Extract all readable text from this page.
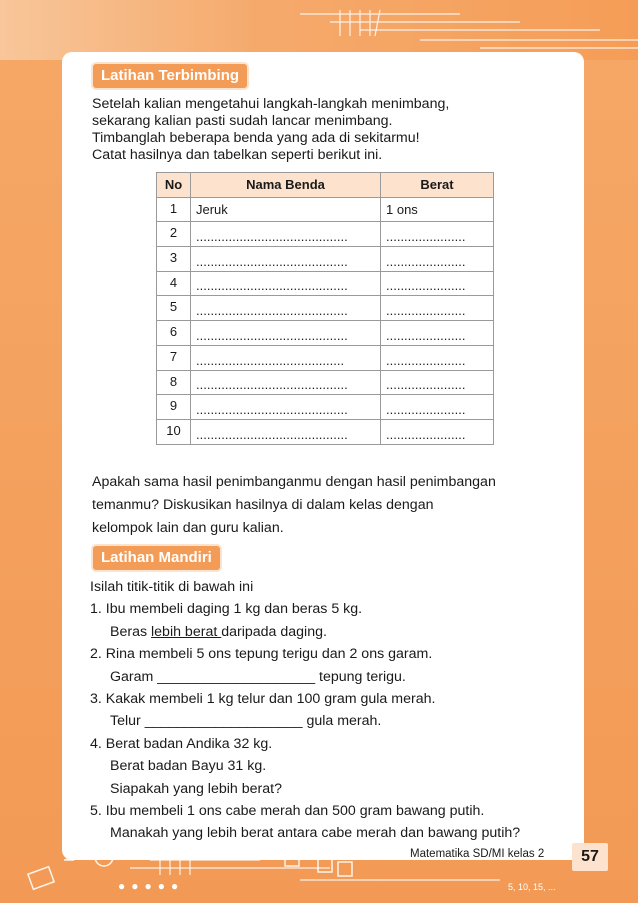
Latihan Terbimbing
Setelah kalian mengetahui langkah-langkah menimbang,
sekarang kalian pasti sudah lancar menimbang.
Timbanglah beberapa benda yang ada di sekitarmu!
Catat hasilnya dan tabelkan seperti berikut ini.
No	Nama Benda	Berat
1	Jeruk	1 ons
2	..........................................	......................
3	..........................................	......................
4	..........................................	......................
5	..........................................	......................
6	..........................................	......................
7	.........................................	......................
8	..........................................	......................
9	..........................................	......................
10	..........................................	......................
Apakah sama hasil penimbanganmu dengan hasil penimbangan
temanmu? Diskusikan hasilnya di dalam kelas dengan
kelompok lain dan guru kalian.
Latihan Mandiri
Isilah titik-titik di bawah ini
1. Ibu membeli daging 1 kg dan beras 5 kg.
Beras lebih berat daripada daging.
2. Rina membeli 5 ons tepung terigu dan 2 ons garam.
Garam ____________________ tepung terigu.
3. Kakak membeli 1 kg telur dan 100 gram gula merah.
Telur ____________________ gula merah.
4. Berat badan Andika 32 kg.
Berat badan Bayu 31 kg.
Siapakah yang lebih berat?
5. Ibu membeli 1 ons cabe merah dan 500 gram bawang putih.
Manakah yang lebih berat antara cabe merah dan bawang putih?
Matematika SD/MI kelas 2	57
●●●●●	5, 10, 15, ...
